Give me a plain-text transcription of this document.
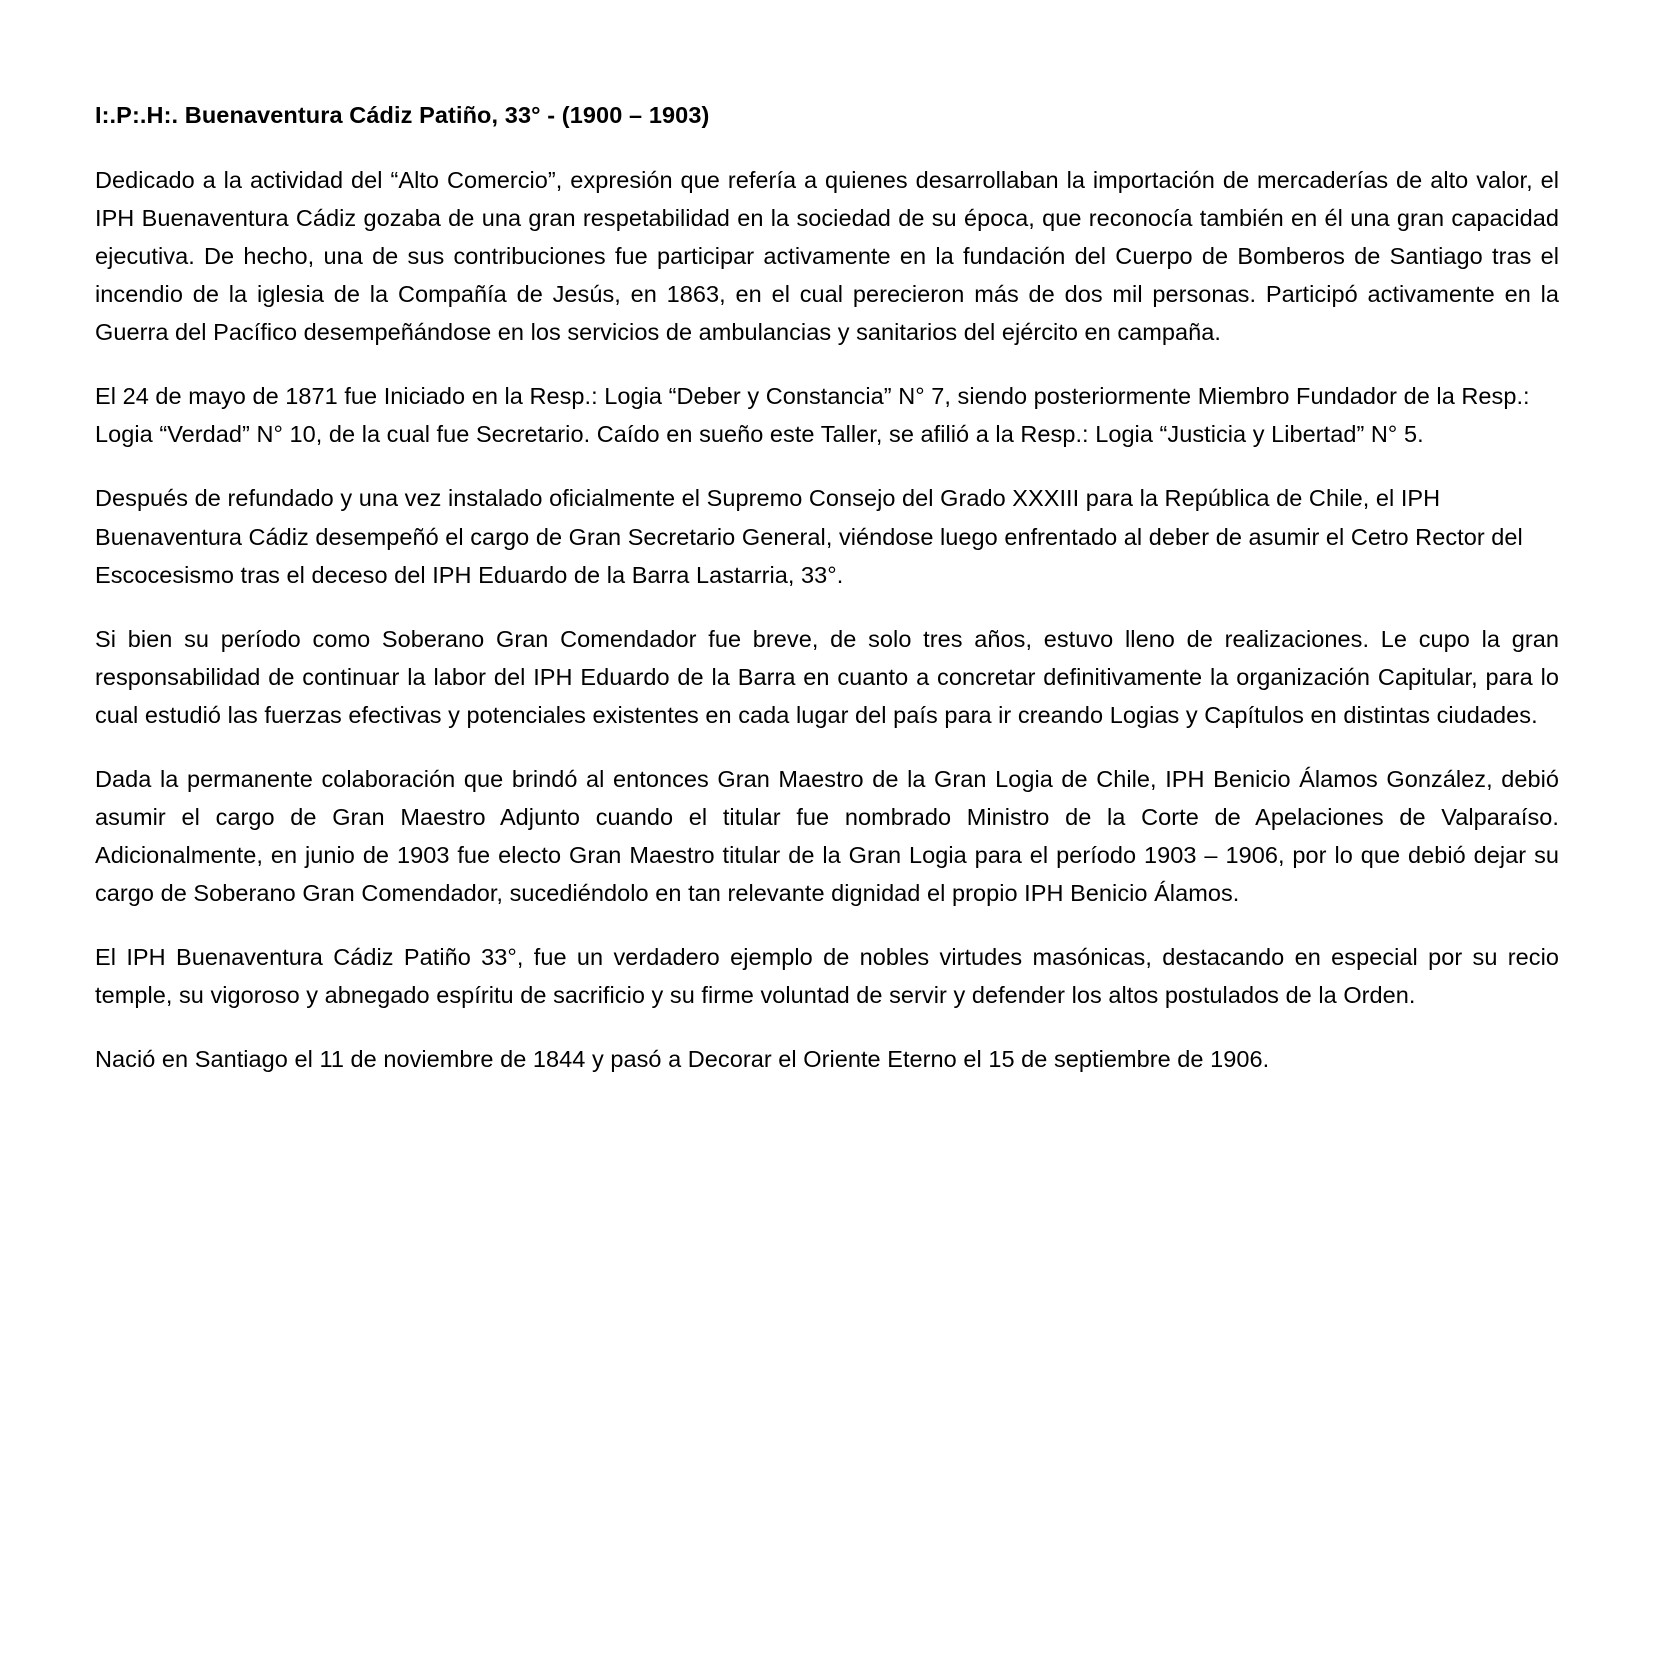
I:.P:.H:. Buenaventura Cádiz Patiño, 33° - (1900 – 1903)

Dedicado a la actividad del “Alto Comercio”, expresión que refería a quienes desarrollaban la importación de mercaderías de alto valor, el IPH Buenaventura Cádiz gozaba de una gran respetabilidad en la sociedad de su época, que reconocía también en él una gran capacidad ejecutiva. De hecho, una de sus contribuciones fue participar activamente en la fundación del Cuerpo de Bomberos de Santiago tras el incendio de la iglesia de la Compañía de Jesús, en 1863, en el cual perecieron más de dos mil personas. Participó activamente en la Guerra del Pacífico desempeñándose en los servicios de ambulancias y sanitarios del ejército en campaña.

El 24 de mayo de 1871 fue Iniciado en la Resp.: Logia “Deber y Constancia” N° 7, siendo posteriormente Miembro Fundador de la Resp.: Logia “Verdad” N° 10, de la cual fue Secretario. Caído en sueño este Taller, se afilió a la Resp.: Logia “Justicia y Libertad” N° 5.

Después de refundado y una vez instalado oficialmente el Supremo Consejo del Grado XXXIII para la República de Chile, el IPH Buenaventura Cádiz desempeñó el cargo de Gran Secretario General, viéndose luego enfrentado al deber de asumir el Cetro Rector del Escocesismo tras el deceso del IPH Eduardo de la Barra Lastarria, 33°.

Si bien su período como Soberano Gran Comendador fue breve, de solo tres años, estuvo lleno de realizaciones. Le cupo la gran responsabilidad de continuar la labor del IPH Eduardo de la Barra en cuanto a concretar definitivamente la organización Capitular, para lo cual estudió las fuerzas efectivas y potenciales existentes en cada lugar del país para ir creando Logias y Capítulos en distintas ciudades.

Dada la permanente colaboración que brindó al entonces Gran Maestro de la Gran Logia de Chile, IPH Benicio Álamos González, debió asumir el cargo de Gran Maestro Adjunto cuando el titular fue nombrado Ministro de la Corte de Apelaciones de Valparaíso. Adicionalmente, en junio de 1903 fue electo Gran Maestro titular de la Gran Logia para el período 1903 – 1906, por lo que debió dejar su cargo de Soberano Gran Comendador, sucediéndolo en tan relevante dignidad el propio IPH Benicio Álamos.

El IPH Buenaventura Cádiz Patiño 33°, fue un verdadero ejemplo de nobles virtudes masónicas, destacando en especial por su recio temple, su vigoroso y abnegado espíritu de sacrificio y su firme voluntad de servir y defender los altos postulados de la Orden.

Nació en Santiago el 11 de noviembre de 1844 y pasó a Decorar el Oriente Eterno el 15 de septiembre de 1906.
